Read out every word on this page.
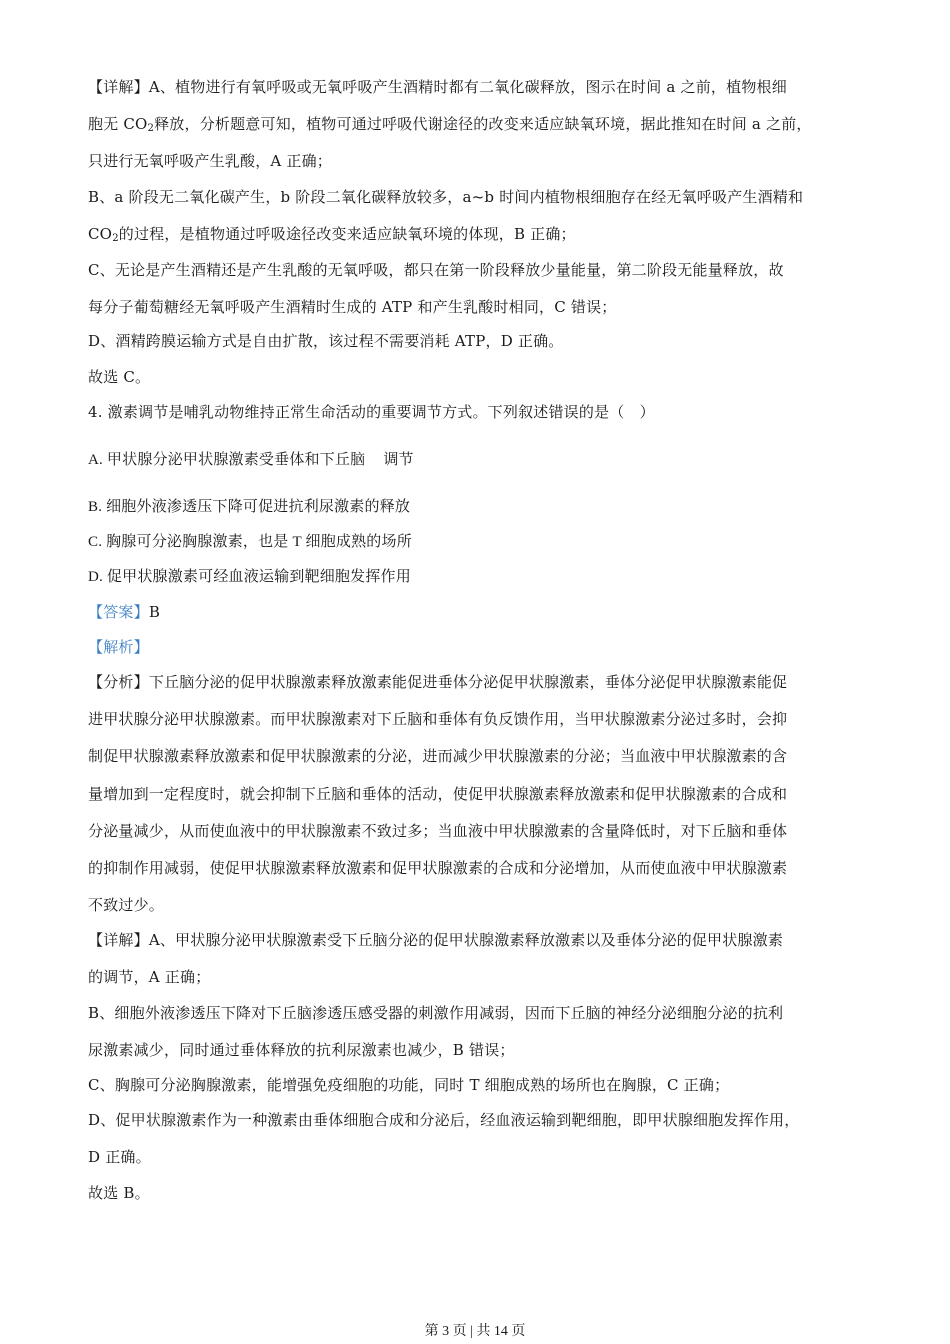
【详解】A、植物进行有氧呼吸或无氧呼吸产生酒精时都有二氧化碳释放，图示在时间 a 之前，植物根细
胞无 $CO_2$释放，分析题意可知，植物可通过呼吸代谢途径的改变来适应缺氧环境，据此推知在时间 a 之前，
只进行无氧呼吸产生乳酸，A 正确；
B、a 阶段无二氧化碳产生，b 阶段二氧化碳释放较多，a~b 时间内植物根细胞存在经无氧呼吸产生酒精和
$CO_2$的过程，是植物通过呼吸途径改变来适应缺氧环境的体现，B 正确；
C、无论是产生酒精还是产生乳酸的无氧呼吸，都只在第一阶段释放少量能量，第二阶段无能量释放，故
每分子葡萄糖经无氧呼吸产生酒精时生成的 ATP 和产生乳酸时相同，C 错误；
D、酒精跨膜运输方式是自由扩散，该过程不需要消耗 ATP，D 正确。
故选 C。
4. 激素调节是哺乳动物维持正常生命活动的重要调节方式。下列叙述错误的是（　）
A. 甲状腺分泌甲状腺激素受垂体和下丘脑 调节
B. 细胞外液渗透压下降可促进抗利尿激素的释放
C. 胸腺可分泌胸腺激素，也是 T 细胞成熟的场所
D. 促甲状腺激素可经血液运输到靶细胞发挥作用
【答案】B
【解析】
【分析】下丘脑分泌的促甲状腺激素释放激素能促进垂体分泌促甲状腺激素，垂体分泌促甲状腺激素能促
进甲状腺分泌甲状腺激素。而甲状腺激素对下丘脑和垂体有负反馈作用，当甲状腺激素分泌过多时，会抑
制促甲状腺激素释放激素和促甲状腺激素的分泌，进而减少甲状腺激素的分泌；当血液中甲状腺激素的含
量增加到一定程度时，就会抑制下丘脑和垂体的活动，使促甲状腺激素释放激素和促甲状腺激素的合成和
分泌量减少，从而使血液中的甲状腺激素不致过多；当血液中甲状腺激素的含量降低时，对下丘脑和垂体
的抑制作用减弱，使促甲状腺激素释放激素和促甲状腺激素的合成和分泌增加，从而使血液中甲状腺激素
不致过少。
【详解】A、甲状腺分泌甲状腺激素受下丘脑分泌的促甲状腺激素释放激素以及垂体分泌的促甲状腺激素
的调节，A 正确；
B、细胞外液渗透压下降对下丘脑渗透压感受器的刺激作用减弱，因而下丘脑的神经分泌细胞分泌的抗利
尿激素减少，同时通过垂体释放的抗利尿激素也减少，B 错误；
C、胸腺可分泌胸腺激素，能增强免疫细胞的功能，同时 T 细胞成熟的场所也在胸腺，C 正确；
D、促甲状腺激素作为一种激素由垂体细胞合成和分泌后，经血液运输到靶细胞，即甲状腺细胞发挥作用，
D 正确。
故选 B。
第 3 页 | 共 14 页
